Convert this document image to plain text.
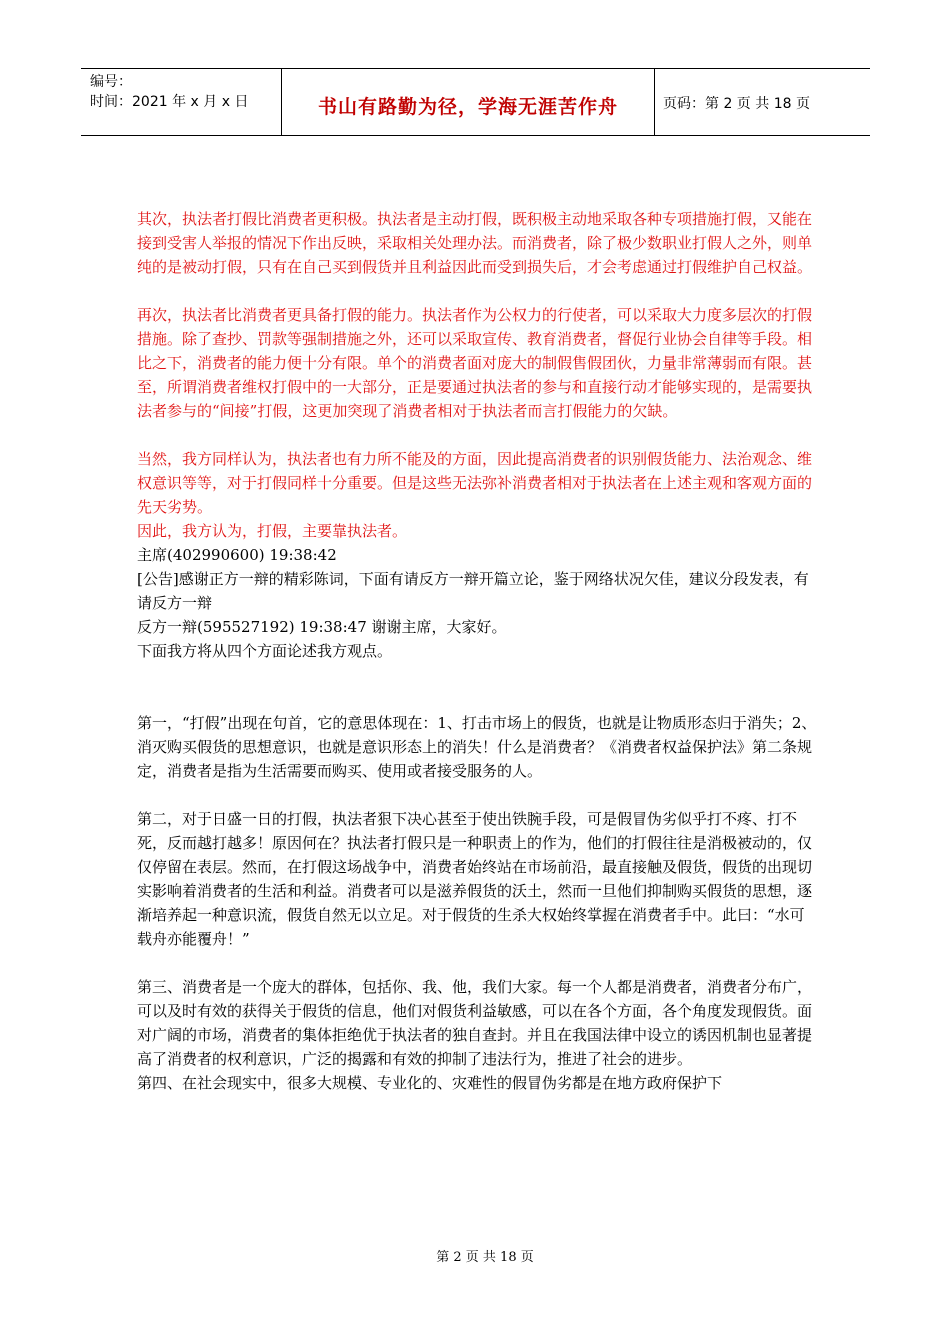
编号：
时间：2021 年 x 月 x 日	书山有路勤为径，学海无涯苦作舟	页码：第 2 页 共 18 页

其次，执法者打假比消费者更积极。执法者是主动打假，既积极主动地采取各种专项措施打假，又能在接到受害人举报的情况下作出反映，采取相关处理办法。而消费者，除了极少数职业打假人之外，则单纯的是被动打假，只有在自己买到假货并且利益因此而受到损失后，才会考虑通过打假维护自己权益。

再次，执法者比消费者更具备打假的能力。执法者作为公权力的行使者，可以采取大力度多层次的打假措施。除了查抄、罚款等强制措施之外，还可以采取宣传、教育消费者，督促行业协会自律等手段。相比之下，消费者的能力便十分有限。单个的消费者面对庞大的制假售假团伙，力量非常薄弱而有限。甚至，所谓消费者维权打假中的一大部分，正是要通过执法者的参与和直接行动才能够实现的，是需要执法者参与的“间接”打假，这更加突现了消费者相对于执法者而言打假能力的欠缺。

当然，我方同样认为，执法者也有力所不能及的方面，因此提高消费者的识别假货能力、法治观念、维权意识等等，对于打假同样十分重要。但是这些无法弥补消费者相对于执法者在上述主观和客观方面的先天劣势。

因此，我方认为，打假，主要靠执法者。

主席(402990600) 19:38:42

[公告]感谢正方一辩的精彩陈词，下面有请反方一辩开篇立论，鉴于网络状况欠佳，建议分段发表，有请反方一辩

反方一辩(595527192) 19:38:47 谢谢主席，大家好。

下面我方将从四个方面论述我方观点。

第一，“打假”出现在句首，它的意思体现在：1、打击市场上的假货，也就是让物质形态归于消失；2、消灭购买假货的思想意识，也就是意识形态上的消失！什么是消费者？《消费者权益保护法》第二条规定，消费者是指为生活需要而购买、使用或者接受服务的人。

第二，对于日盛一日的打假，执法者狠下决心甚至于使出铁腕手段，可是假冒伪劣似乎打不疼、打不死，反而越打越多！原因何在？执法者打假只是一种职责上的作为，他们的打假往往是消极被动的，仅仅停留在表层。然而，在打假这场战争中，消费者始终站在市场前沿，最直接触及假货，假货的出现切实影响着消费者的生活和利益。消费者可以是滋养假货的沃土，然而一旦他们抑制购买假货的思想，逐渐培养起一种意识流，假货自然无以立足。对于假货的生杀大权始终掌握在消费者手中。此曰：“水可载舟亦能覆舟！”

第三、消费者是一个庞大的群体，包括你、我、他，我们大家。每一个人都是消费者，消费者分布广，可以及时有效的获得关于假货的信息，他们对假货利益敏感，可以在各个方面，各个角度发现假货。面对广阔的市场，消费者的集体拒绝优于执法者的独自查封。并且在我国法律中设立的诱因机制也显著提高了消费者的权利意识，广泛的揭露和有效的抑制了违法行为，推进了社会的进步。

第四、在社会现实中，很多大规模、专业化的、灾难性的假冒伪劣都是在地方政府保护下

第 2 页 共 18 页
